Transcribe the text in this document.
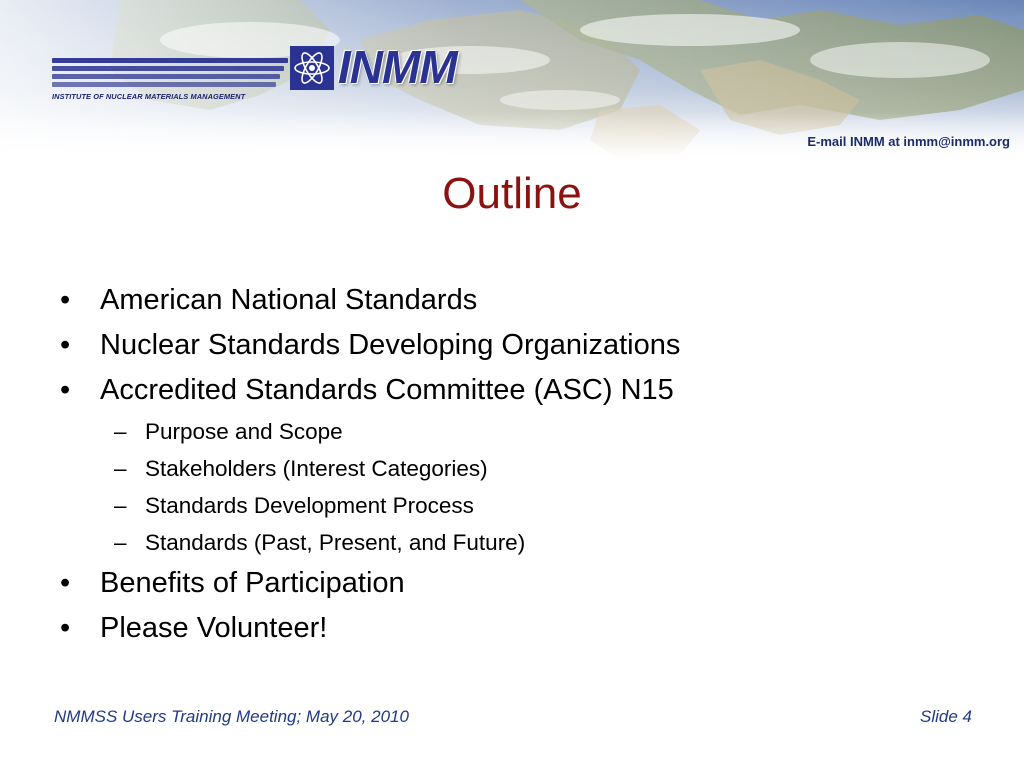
INMM
INSTITUTE OF NUCLEAR MATERIALS MANAGEMENT
E-mail INMM at inmm@inmm.org
Outline
• American National Standards
• Nuclear Standards Developing Organizations
• Accredited Standards Committee (ASC) N15
– Purpose and Scope
– Stakeholders (Interest Categories)
– Standards Development Process
– Standards (Past, Present, and Future)
• Benefits of Participation
• Please Volunteer!
NMMSS Users Training Meeting; May 20, 2010	Slide 4
